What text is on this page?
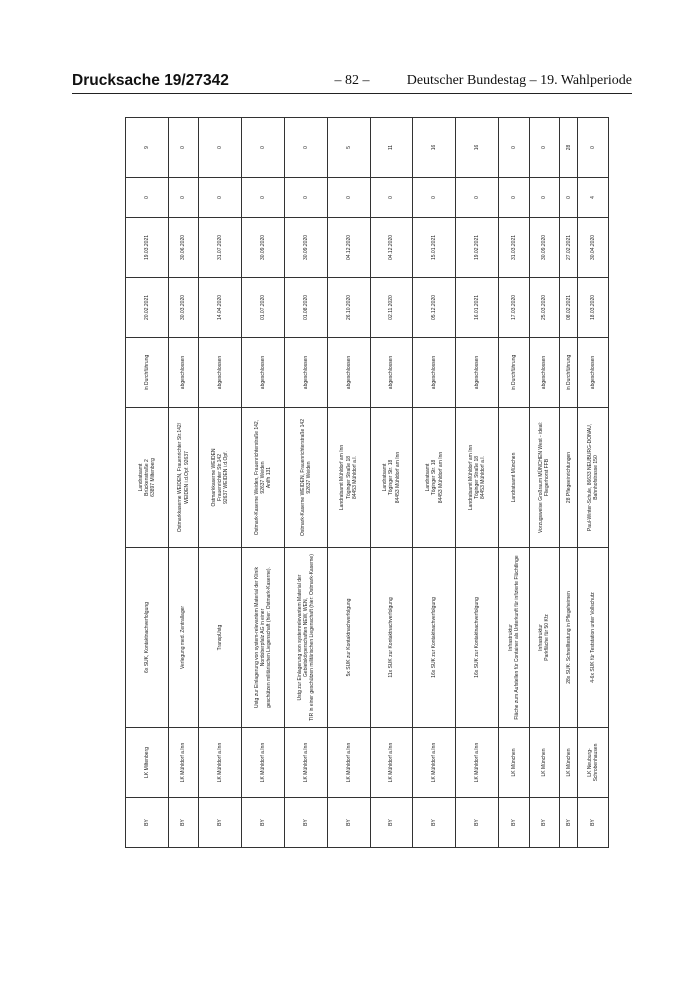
Drucksache 19/27342	– 82 –	Deutscher Bundestag – 19. Wahlperiode
BY	LK Miltenberg	6x SUK, Kontaktnachverfolgung	Landratsamt Brückenstraße 2 63897 Miltenberg	in Durchführung	20.02.2021	19.03.2021	0	9
BY	LK Mühldorf a.Inn	Verlegung med. Zentrallager	Ostmarkkaserne WEIDEN, Frauenrichter Str.142/ WEIDEN i.d.Opf. 92637	abgeschlossen	30.03.2020	30.06.2020	0	0
BY	LK Mühldorf a.Inn	TranspUstg	Ostmarkkaserne WEIDEN Frauenrichter Str.142 92637 WEIDEN i.d.Opf.	abgeschlossen	14.04.2020	31.07.2020	0	0
BY	LK Mühldorf a.Inn	Ustg zur Einlagerung von system-relevantem Material der Klinik Nordoberpfalz AG in einer geschützen militärischen Liegenschaft (hier: Ostmark-Kaserne).	Ostmark-Kaserne Weiden, Frauenrichterstraße 142, 92637 Weiden Anlfh 131	abgeschlossen	01.07.2020	30.09.2020	0	0
BY	LK Mühldorf a.Inn	Ustg zur Einlagerung von systemrelevantem Material der Gebietskörperschaften NEW, WEN, TIR in einer geschützen militärischen Liegenschaft (hier: Ostmark-Kaserne)	Ostmark-Kaserne WEIDEN, Frauenrichterstraße 142 92637 Weiden	abgeschlossen	01.08.2020	30.09.2020	0	0
BY	LK Mühldorf a.Inn	5x SUK zur Kontaktnachverfolgung	Landratsamt Mühldorf am Inn Töginger Straße 18 84453 Mühldorf a.I.	abgeschlossen	26.10.2020	04.12.2020	0	5
BY	LK Mühldorf a.Inn	11x SUK zur Kontaktnachverfolgung	Landratsamt Töginger Str. 18 84453 Mühldorf am Inn	abgeschlossen	02.11.2020	04.12.2020	0	11
BY	LK Mühldorf a.Inn	16x SUK zur Kontaktnachverfolgung	Landratsamt Töginger Str. 18 84453 Mühldorf am Inn	abgeschlossen	05.12.2020	15.01.2021	0	16
BY	LK Mühldorf a.Inn	16x SUK zur Kontaktnachverfolgung	Landratsamt Mühldorf am Inn Töginger Straße 18 84453 Mühldorf a.I.	abgeschlossen	16.01.2021	19.02.2021	0	16
BY	LK München	Infrastruktur Fläche zum Aufstellen für Container als Unterkunft für infizierte Flüchtlinge	Landratsamt München	in Durchführung	17.03.2020	31.03.2021	0	0
BY	LK München	Infrastruktur Parkfläche für 50 Kfz	Vorzugsweise Großraum MÜNCHEN West - ideal: Fliegerhorst FFB	abgeschlossen	25.03.2020	30.09.2020	0	0
BY	LK München	28x SUK: Schnelltestung in Pflegeheimen	28 Pflegeeinrichtungen	in Durchführung	08.02.2021	27.02.2021	0	28
BY	LK Neuburg-Schrobenhausen	4-6x SUK für Teststation unter Vollschutz	Paul-Winter-Schule, 86633 NEUBURG-DONAU, Bahnhofstrasse 150	abgeschlossen	18.03.2020	30.04.2020	4	0
